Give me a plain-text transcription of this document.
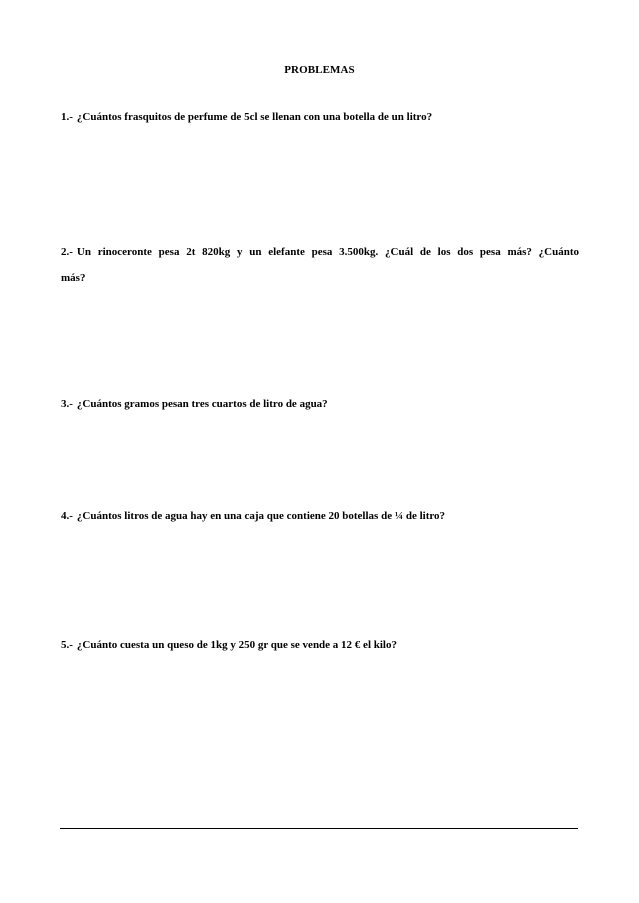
PROBLEMAS

1.- ¿Cuántos frasquitos de perfume de 5cl se llenan con una botella de un litro?

2.- Un rinoceronte pesa 2t 820kg y un elefante pesa 3.500kg. ¿Cuál de los dos pesa más? ¿Cuánto más?

3.- ¿Cuántos gramos pesan tres cuartos de litro de agua?

4.- ¿Cuántos litros de agua hay en una caja que contiene 20 botellas de ¼ de litro?

5.- ¿Cuánto cuesta un queso de 1kg y 250 gr que se vende a 12 € el kilo?
